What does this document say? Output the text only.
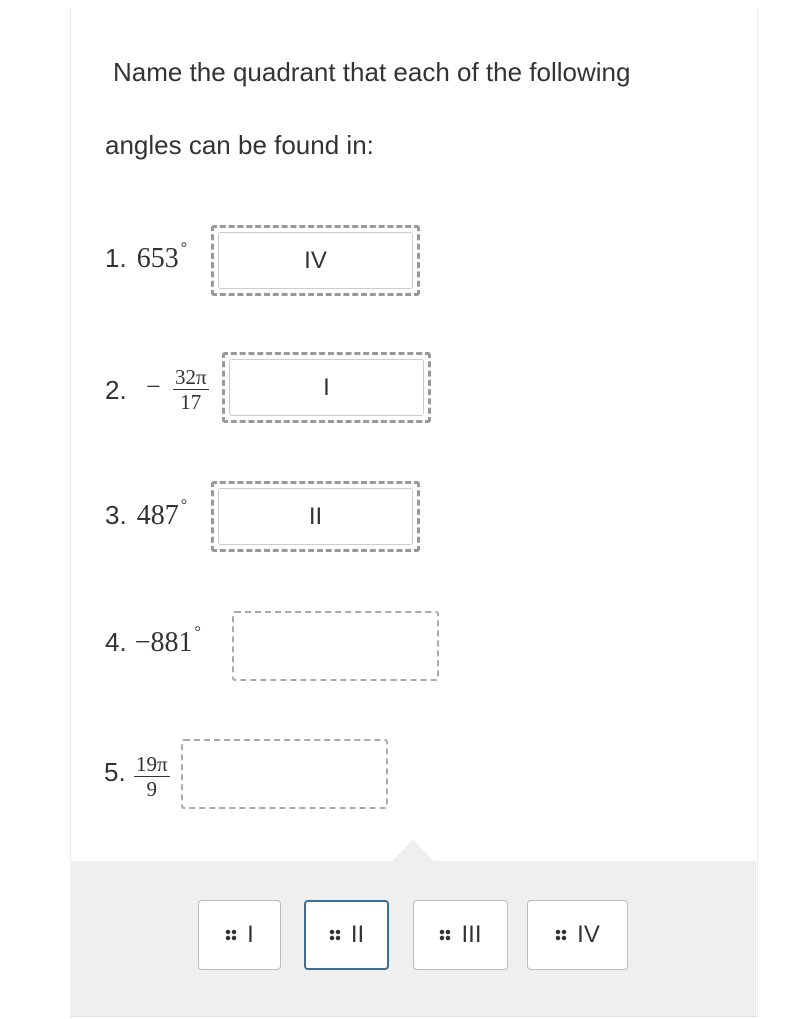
Name the quadrant that each of the following
angles can be found in:
1. 653 °	IV
2. − $\frac{32\pi}{17}$	I
3. 487 °	II
4. −881 °
5. $\frac{19\pi}{9}$
I	II	III	IV
